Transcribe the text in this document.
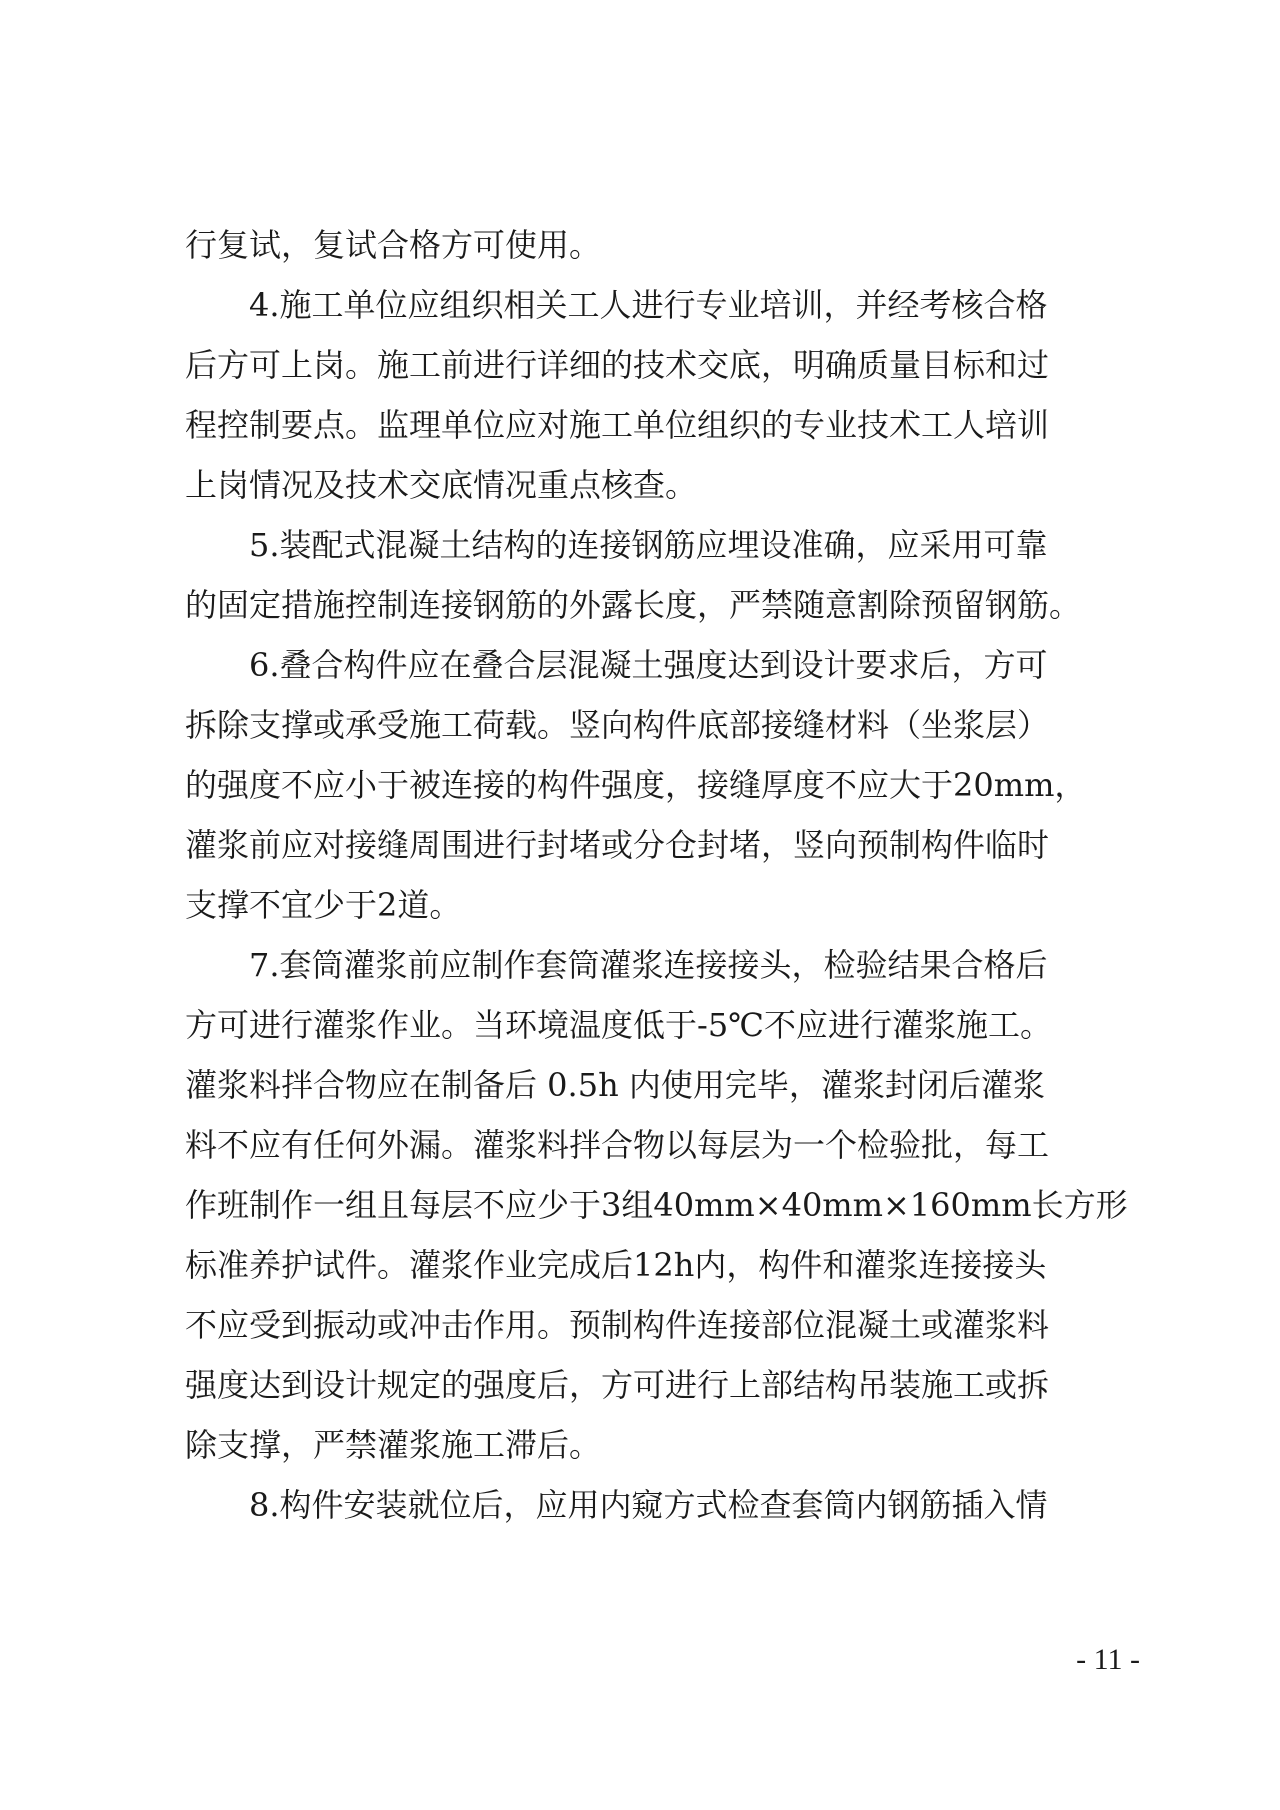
行复试，复试合格方可使用。
4.施工单位应组织相关工人进行专业培训，并经考核合格
后方可上岗。施工前进行详细的技术交底，明确质量目标和过
程控制要点。监理单位应对施工单位组织的专业技术工人培训
上岗情况及技术交底情况重点核查。
5.装配式混凝土结构的连接钢筋应埋设准确，应采用可靠
的固定措施控制连接钢筋的外露长度，严禁随意割除预留钢筋。
6.叠合构件应在叠合层混凝土强度达到设计要求后，方可
拆除支撑或承受施工荷载。竖向构件底部接缝材料（坐浆层）
的强度不应小于被连接的构件强度，接缝厚度不应大于20mm，
灌浆前应对接缝周围进行封堵或分仓封堵，竖向预制构件临时
支撑不宜少于2道。
7.套筒灌浆前应制作套筒灌浆连接接头，检验结果合格后
方可进行灌浆作业。当环境温度低于-5℃不应进行灌浆施工。
灌浆料拌合物应在制备后 0.5h 内使用完毕，灌浆封闭后灌浆
料不应有任何外漏。灌浆料拌合物以每层为一个检验批，每工
作班制作一组且每层不应少于3组40mm×40mm×160mm长方形
标准养护试件。灌浆作业完成后12h内，构件和灌浆连接接头
不应受到振动或冲击作用。预制构件连接部位混凝土或灌浆料
强度达到设计规定的强度后，方可进行上部结构吊装施工或拆
除支撑，严禁灌浆施工滞后。
8.构件安装就位后，应用内窥方式检查套筒内钢筋插入情
- 11 -
